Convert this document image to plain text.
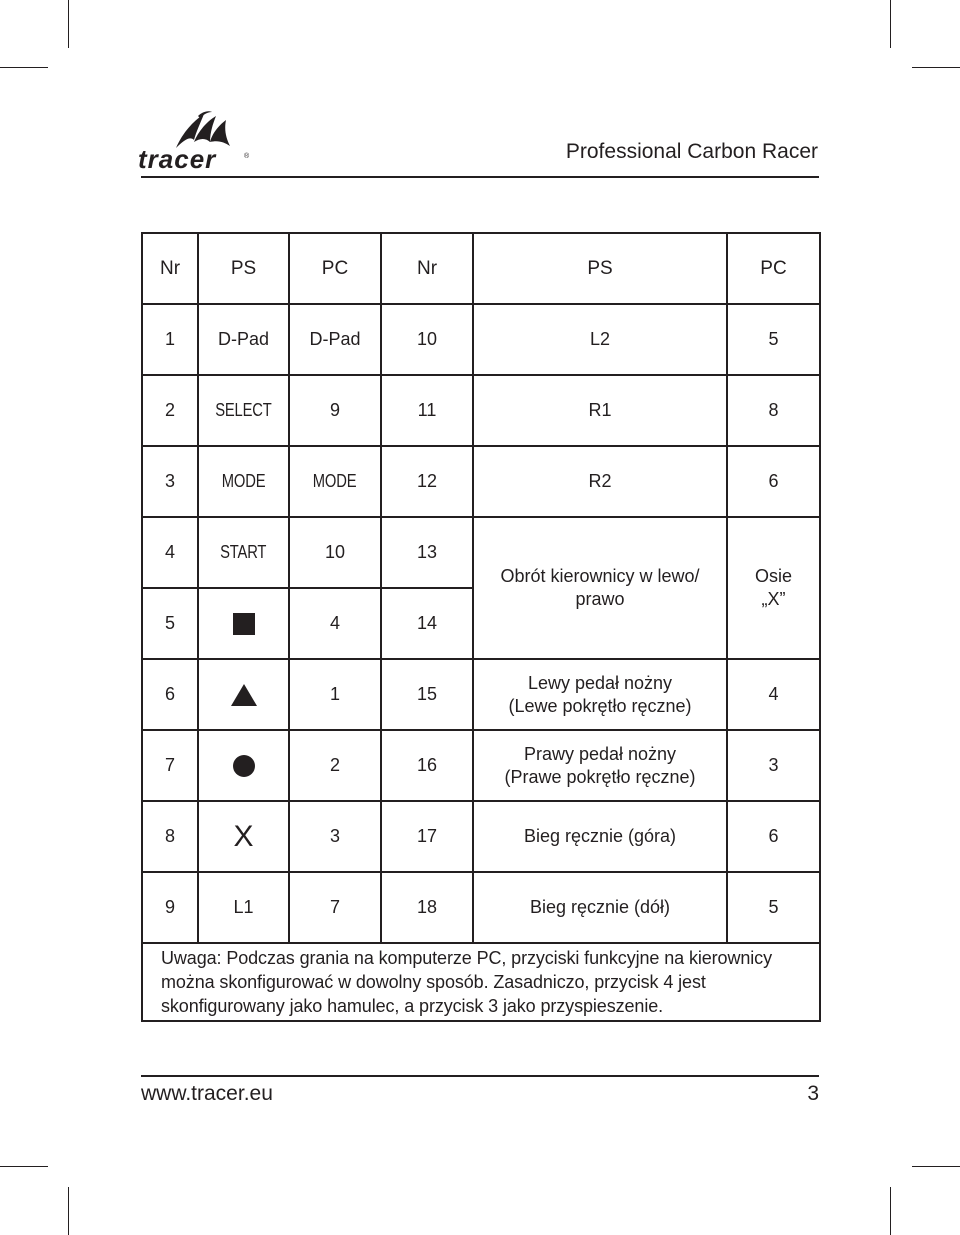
tracer	®	Professional Carbon Racer
Nr	PS	PC	Nr	PS	PC
1	D-Pad	D-Pad	10	L2	5
2	SELECT	9	11	R1	8
3	MODE	MODE	12	R2	6
4	START	10	13	Obrót kierownicy w lewo/ prawo	Osie
„X”
5		4	14		
6		1	15	Lewy pedał nożny
(Lewe pokrętło ręczne)	4
7		2	16	Prawy pedał nożny
(Prawe pokrętło ręczne)	3
8	X	3	17	Bieg ręcznie (góra)	6
9	L1	7	18	Bieg ręcznie (dół)	5
Uwaga: Podczas grania na komputerze PC, przyciski funkcyjne na kierownicy można skonfigurować w dowolny sposób. Zasadniczo, przycisk 4 jest skonfigurowany jako hamulec, a przycisk 3 jako przyspieszenie.					
www.tracer.eu	3
